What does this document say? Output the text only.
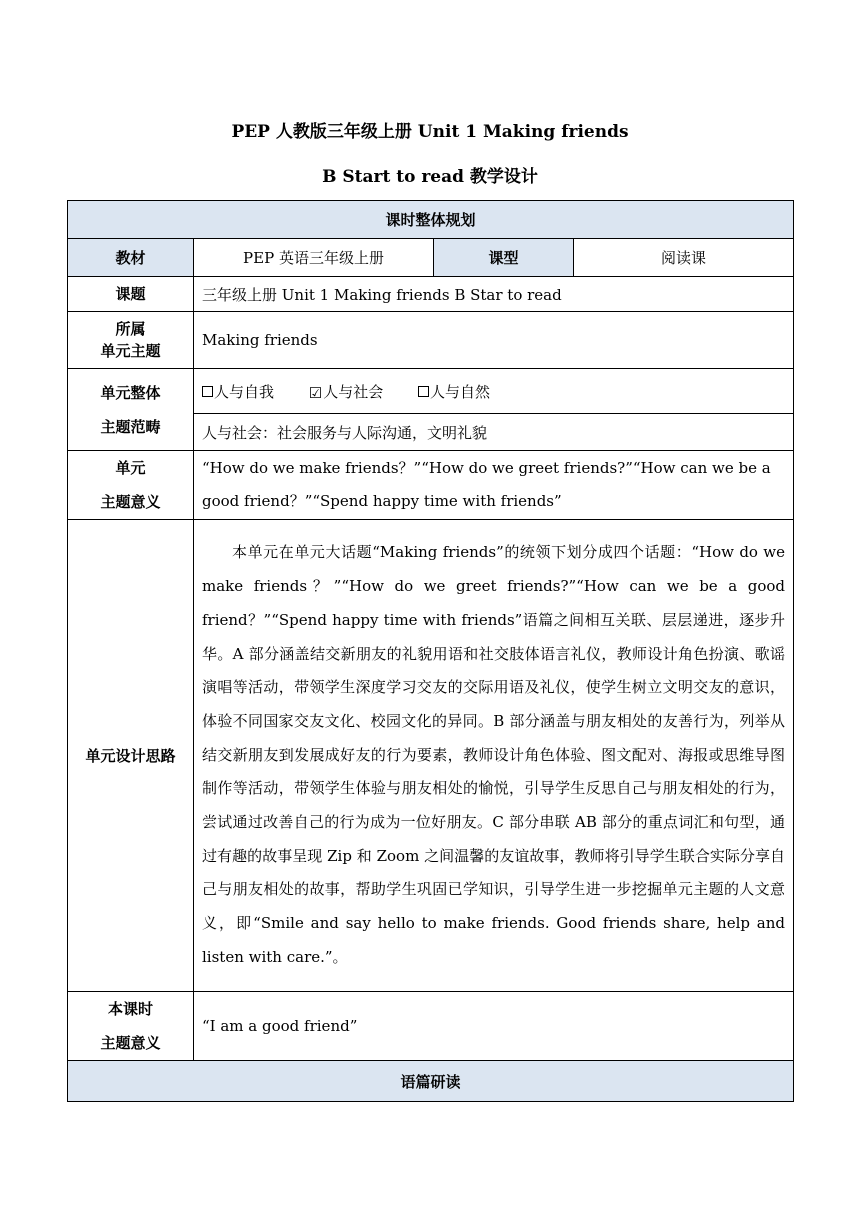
PEP 人教版三年级上册 Unit 1 Making friends
B Start to read 教学设计
课时整体规划			
教材	PEP 英语三年级上册	课型	阅读课
课题	三年级上册 Unit 1 Making friends B Star to read		

所属
单元主题	Making friends		

单元整体
主题范畴	人与自我 ☑人与社会 人与自然		
	人与社会：社会服务与人际沟通，文明礼貌		

单元
主题意义	“How do we make friends？”“How do we greet friends?”“How can we be a good friend？”“Spend happy time with friends”		
单元设计思路	本单元在单元大话题“Making friends”的统领下划分成四个话题：“How do we make friends？”“How do we greet friends?”“How can we be a good friend？”“Spend happy time with friends”语篇之间相互关联、层层递进，逐步升华。A 部分涵盖结交新朋友的礼貌用语和社交肢体语言礼仪，教师设计角色扮演、歌谣演唱等活动，带领学生深度学习交友的交际用语及礼仪，使学生树立文明交友的意识，体验不同国家交友文化、校园文化的异同。B 部分涵盖与朋友相处的友善行为，列举从结交新朋友到发展成好友的行为要素，教师设计角色体验、图文配对、海报或思维导图制作等活动，带领学生体验与朋友相处的愉悦，引导学生反思自己与朋友相处的行为，尝试通过改善自己的行为成为一位好朋友。C 部分串联 AB 部分的重点词汇和句型，通过有趣的故事呈现 Zip 和 Zoom 之间温馨的友谊故事，教师将引导学生联合实际分享自己与朋友相处的故事，帮助学生巩固已学知识，引导学生进一步挖掘单元主题的人文意义，即“Smile and say hello to make friends. Good friends share, help and listen with care.”。		

本课时
主题意义	“I am a good friend”		
语篇研读			
